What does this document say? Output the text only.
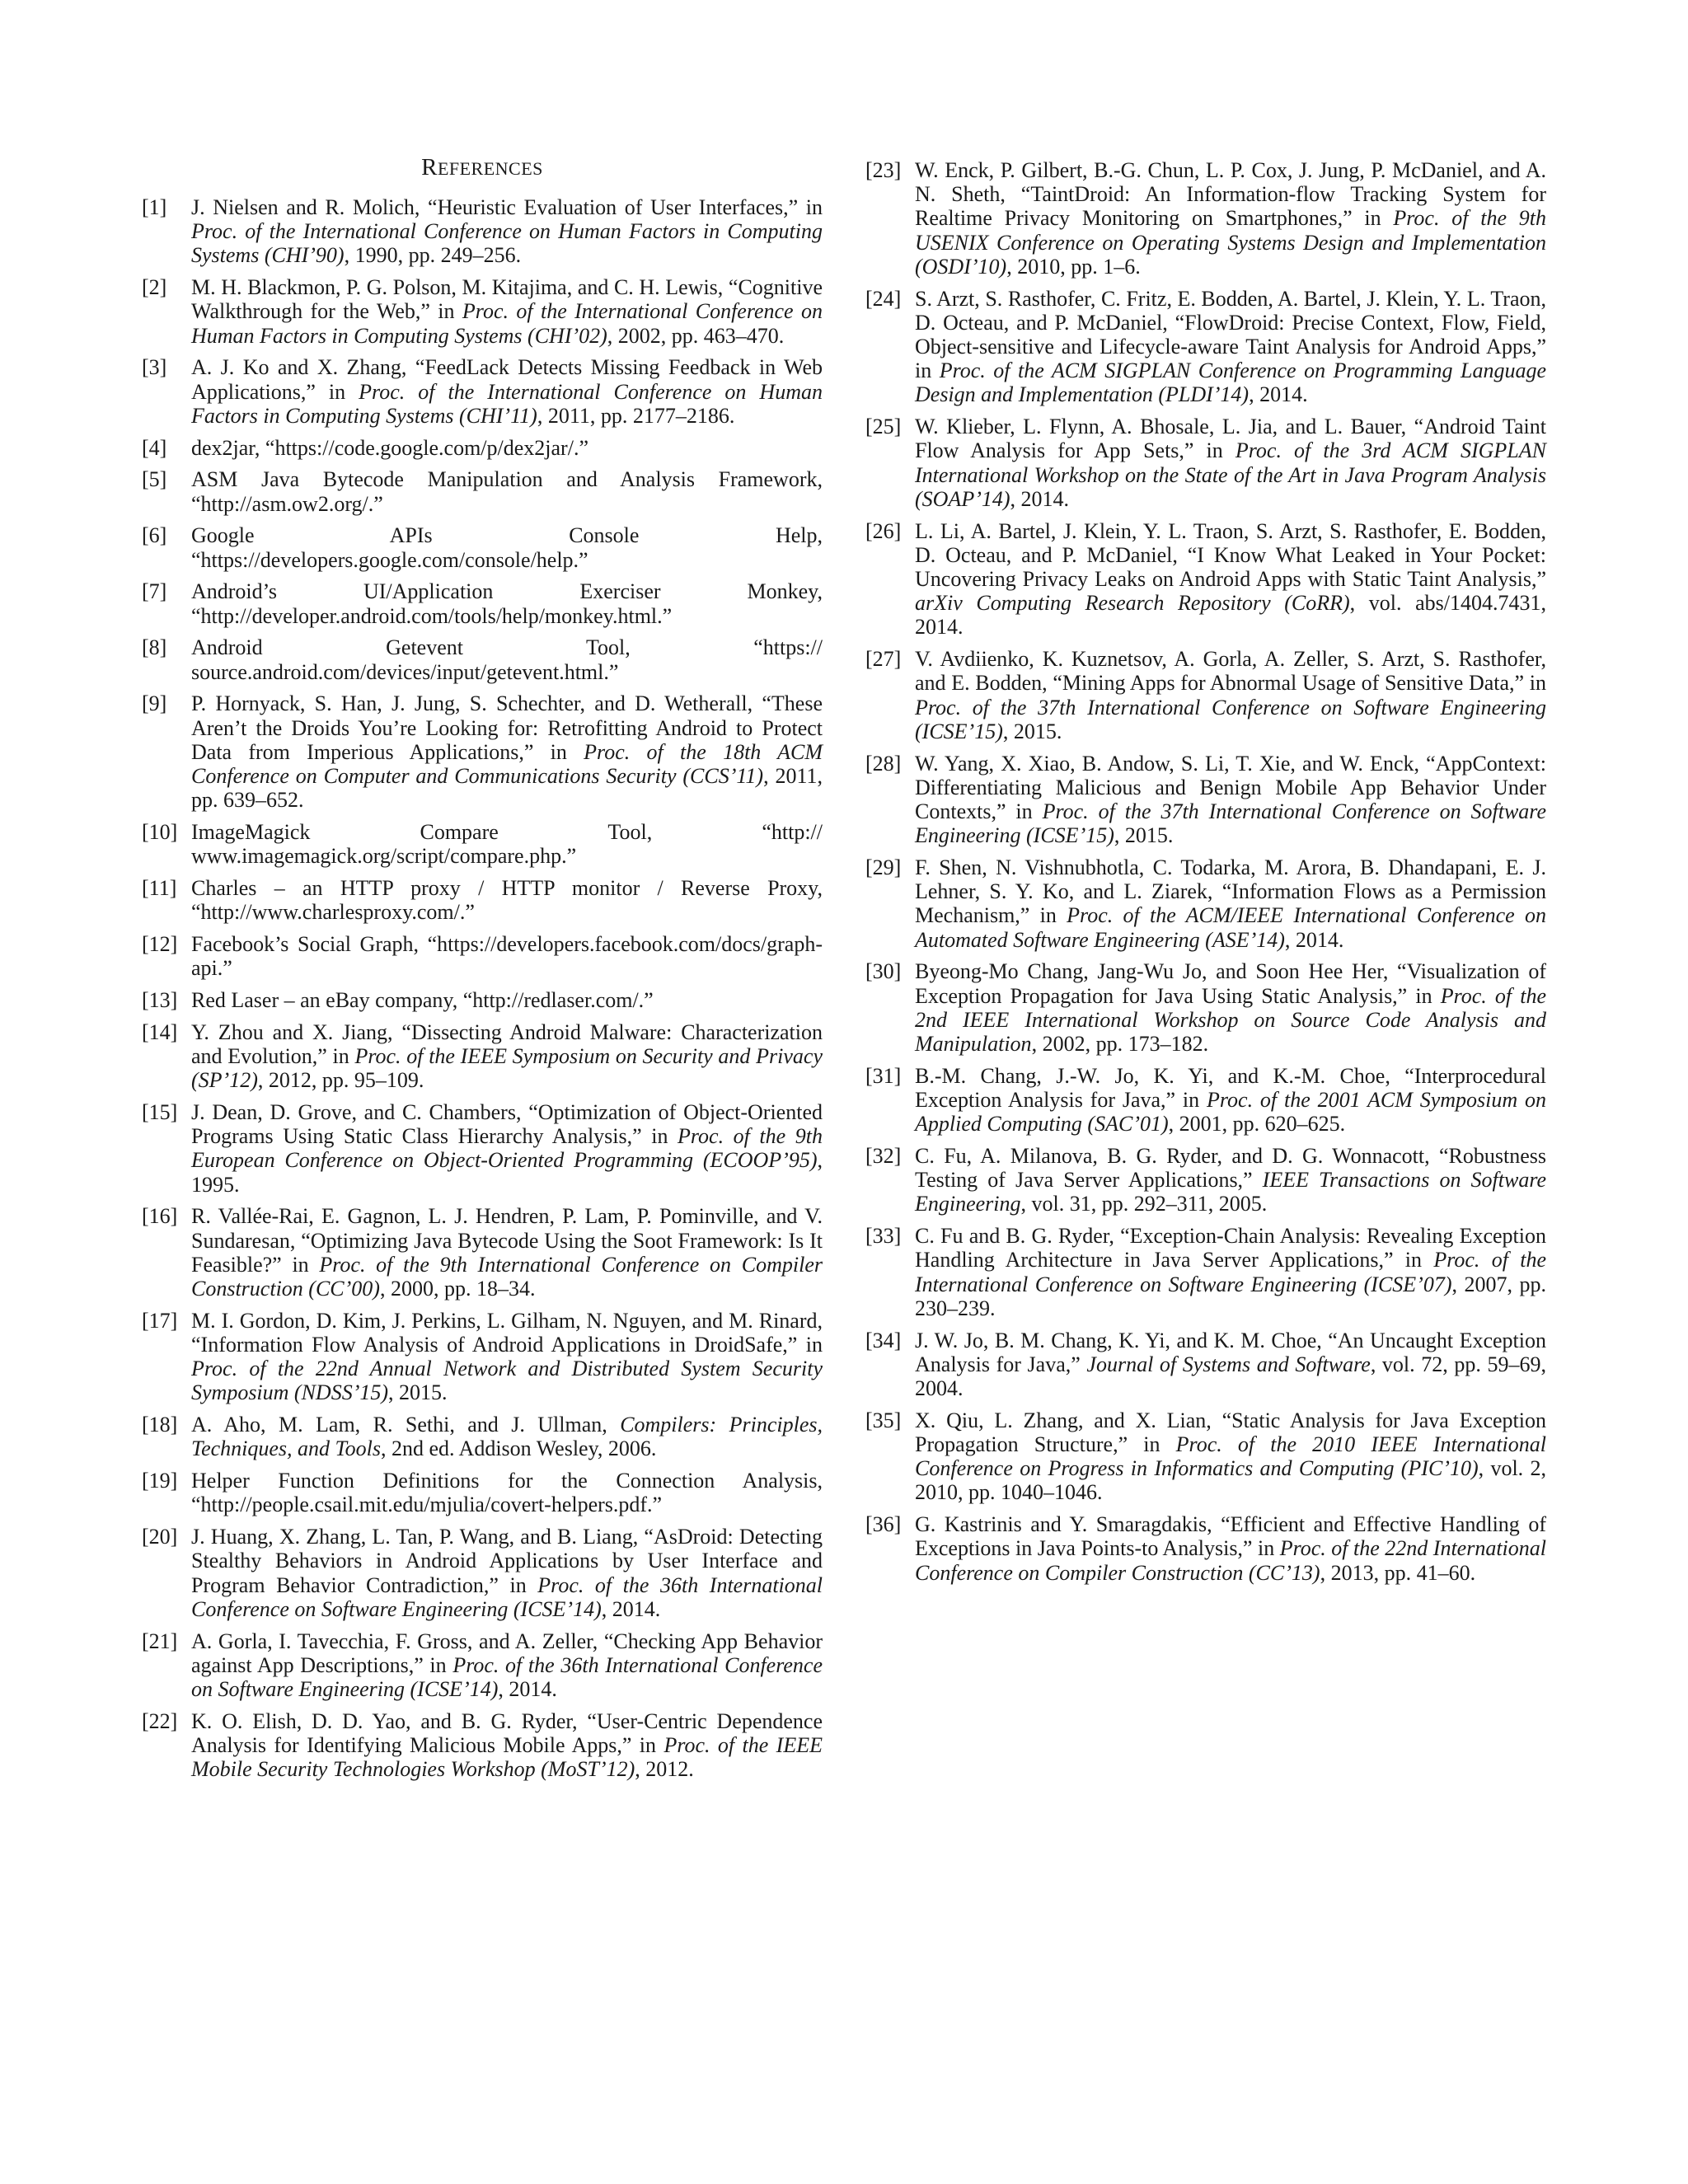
REFERENCES
[1]	J. Nielsen and R. Molich, “Heuristic Evaluation of User Interfaces,” in Proc. of the International Conference on Human Factors in Computing Systems (CHI’90), 1990, pp. 249–256.
[2]	M. H. Blackmon, P. G. Polson, M. Kitajima, and C. H. Lewis, “Cognitive Walkthrough for the Web,” in Proc. of the International Conference on Human Factors in Computing Systems (CHI’02), 2002, pp. 463–470.
[3]	A. J. Ko and X. Zhang, “FeedLack Detects Missing Feedback in Web Applications,” in Proc. of the International Conference on Human Factors in Computing Systems (CHI’11), 2011, pp. 2177–2186.
[4]	dex2jar, “https://code.google.com/p/dex2jar/.”
[5]	ASM Java Bytecode Manipulation and Analysis Framework, “http://asm.ow2.org/.”
[6]	Google APIs Console Help, “https://developers.google.com/console/help.”
[7]	Android’s UI/Application Exerciser Monkey, “http://developer.android.com/tools/help/monkey.html.”
[8]	Android Getevent Tool, “https:// source.android.com/devices/input/getevent.html.”
[9]	P. Hornyack, S. Han, J. Jung, S. Schechter, and D. Wetherall, “These Aren’t the Droids You’re Looking for: Retrofitting Android to Protect Data from Imperious Applications,” in Proc. of the 18th ACM Conference on Computer and Communications Security (CCS’11), 2011, pp. 639–652.
[10] ImageMagick Compare Tool, “http:// www.imagemagick.org/script/compare.php.”
[11] Charles – an HTTP proxy / HTTP monitor / Reverse Proxy, “http://www.charlesproxy.com/.”
[12] Facebook’s Social Graph, “https://developers.facebook.com/docs/graph-api.”
[13] Red Laser – an eBay company, “http://redlaser.com/.”
[14] Y. Zhou and X. Jiang, “Dissecting Android Malware: Characterization and Evolution,” in Proc. of the IEEE Symposium on Security and Privacy (SP’12), 2012, pp. 95–109.
[15] J. Dean, D. Grove, and C. Chambers, “Optimization of Object-Oriented Programs Using Static Class Hierarchy Analysis,” in Proc. of the 9th European Conference on Object-Oriented Programming (ECOOP’95), 1995.
[16] R. Vallée-Rai, E. Gagnon, L. J. Hendren, P. Lam, P. Pominville, and V. Sundaresan, “Optimizing Java Bytecode Using the Soot Framework: Is It Feasible?” in Proc. of the 9th International Conference on Compiler Construction (CC’00), 2000, pp. 18–34.
[17] M. I. Gordon, D. Kim, J. Perkins, L. Gilham, N. Nguyen, and M. Rinard, “Information Flow Analysis of Android Applications in DroidSafe,” in Proc. of the 22nd Annual Network and Distributed System Security Symposium (NDSS’15), 2015.
[18] A. Aho, M. Lam, R. Sethi, and J. Ullman, Compilers: Principles, Techniques, and Tools, 2nd ed. Addison Wesley, 2006.
[19] Helper Function Definitions for the Connection Analysis, “http://people.csail.mit.edu/mjulia/covert-helpers.pdf.”
[20] J. Huang, X. Zhang, L. Tan, P. Wang, and B. Liang, “AsDroid: Detecting Stealthy Behaviors in Android Applications by User Interface and Program Behavior Contradiction,” in Proc. of the 36th International Conference on Software Engineering (ICSE’14), 2014.
[21] A. Gorla, I. Tavecchia, F. Gross, and A. Zeller, “Checking App Behavior against App Descriptions,” in Proc. of the 36th International Conference on Software Engineering (ICSE’14), 2014.
[22] K. O. Elish, D. D. Yao, and B. G. Ryder, “User-Centric Dependence Analysis for Identifying Malicious Mobile Apps,” in Proc. of the IEEE Mobile Security Technologies Workshop (MoST’12), 2012.
[23] W. Enck, P. Gilbert, B.-G. Chun, L. P. Cox, J. Jung, P. McDaniel, and A. N. Sheth, “TaintDroid: An Information-flow Tracking System for Realtime Privacy Monitoring on Smartphones,” in Proc. of the 9th USENIX Conference on Operating Systems Design and Implementation (OSDI’10), 2010, pp. 1–6.
[24] S. Arzt, S. Rasthofer, C. Fritz, E. Bodden, A. Bartel, J. Klein, Y. L. Traon, D. Octeau, and P. McDaniel, “FlowDroid: Precise Context, Flow, Field, Object-sensitive and Lifecycle-aware Taint Analysis for Android Apps,” in Proc. of the ACM SIGPLAN Conference on Programming Language Design and Implementation (PLDI’14), 2014.
[25] W. Klieber, L. Flynn, A. Bhosale, L. Jia, and L. Bauer, “Android Taint Flow Analysis for App Sets,” in Proc. of the 3rd ACM SIGPLAN International Workshop on the State of the Art in Java Program Analysis (SOAP’14), 2014.
[26] L. Li, A. Bartel, J. Klein, Y. L. Traon, S. Arzt, S. Rasthofer, E. Bodden, D. Octeau, and P. McDaniel, “I Know What Leaked in Your Pocket: Uncovering Privacy Leaks on Android Apps with Static Taint Analysis,” arXiv Computing Research Repository (CoRR), vol. abs/1404.7431, 2014.
[27] V. Avdiienko, K. Kuznetsov, A. Gorla, A. Zeller, S. Arzt, S. Rasthofer, and E. Bodden, “Mining Apps for Abnormal Usage of Sensitive Data,” in Proc. of the 37th International Conference on Software Engineering (ICSE’15), 2015.
[28] W. Yang, X. Xiao, B. Andow, S. Li, T. Xie, and W. Enck, “AppContext: Differentiating Malicious and Benign Mobile App Behavior Under Contexts,” in Proc. of the 37th International Conference on Software Engineering (ICSE’15), 2015.
[29] F. Shen, N. Vishnubhotla, C. Todarka, M. Arora, B. Dhandapani, E. J. Lehner, S. Y. Ko, and L. Ziarek, “Information Flows as a Permission Mechanism,” in Proc. of the ACM/IEEE International Conference on Automated Software Engineering (ASE’14), 2014.
[30] Byeong-Mo Chang, Jang-Wu Jo, and Soon Hee Her, “Visualization of Exception Propagation for Java Using Static Analysis,” in Proc. of the 2nd IEEE International Workshop on Source Code Analysis and Manipulation, 2002, pp. 173–182.
[31] B.-M. Chang, J.-W. Jo, K. Yi, and K.-M. Choe, “Interprocedural Exception Analysis for Java,” in Proc. of the 2001 ACM Symposium on Applied Computing (SAC’01), 2001, pp. 620–625.
[32] C. Fu, A. Milanova, B. G. Ryder, and D. G. Wonnacott, “Robustness Testing of Java Server Applications,” IEEE Transactions on Software Engineering, vol. 31, pp. 292–311, 2005.
[33] C. Fu and B. G. Ryder, “Exception-Chain Analysis: Revealing Exception Handling Architecture in Java Server Applications,” in Proc. of the International Conference on Software Engineering (ICSE’07), 2007, pp. 230–239.
[34] J. W. Jo, B. M. Chang, K. Yi, and K. M. Choe, “An Uncaught Exception Analysis for Java,” Journal of Systems and Software, vol. 72, pp. 59–69, 2004.
[35] X. Qiu, L. Zhang, and X. Lian, “Static Analysis for Java Exception Propagation Structure,” in Proc. of the 2010 IEEE International Conference on Progress in Informatics and Computing (PIC’10), vol. 2, 2010, pp. 1040–1046.
[36] G. Kastrinis and Y. Smaragdakis, “Efficient and Effective Handling of Exceptions in Java Points-to Analysis,” in Proc. of the 22nd International Conference on Compiler Construction (CC’13), 2013, pp. 41–60.
